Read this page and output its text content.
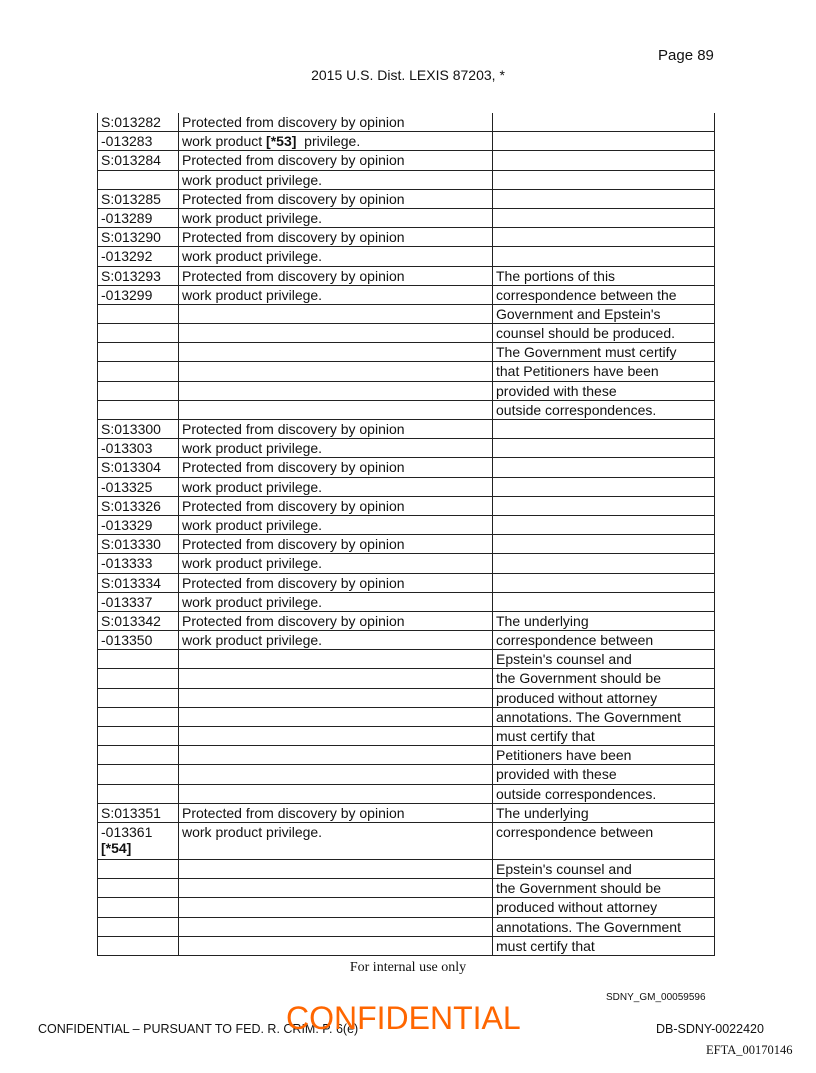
Page 89
2015 U.S. Dist. LEXIS 87203, *
S:013282	Protected from discovery by opinion	
-013283	work product [*53]  privilege.	
S:013284	Protected from discovery by opinion	
	work product privilege.	
S:013285	Protected from discovery by opinion	
-013289	work product privilege.	
S:013290	Protected from discovery by opinion	
-013292	work product privilege.	
S:013293	Protected from discovery by opinion	The portions of this
-013299	work product privilege.	correspondence between the
		Government and Epstein's
		counsel should be produced.
		The Government must certify
		that Petitioners have been
		provided with these
		outside correspondences.
S:013300	Protected from discovery by opinion	
-013303	work product privilege.	
S:013304	Protected from discovery by opinion	
-013325	work product privilege.	
S:013326	Protected from discovery by opinion	
-013329	work product privilege.	
S:013330	Protected from discovery by opinion	
-013333	work product privilege.	
S:013334	Protected from discovery by opinion	
-013337	work product privilege.	
S:013342	Protected from discovery by opinion	The underlying
-013350	work product privilege.	correspondence between
		Epstein's counsel and
		the Government should be
		produced without attorney
		annotations. The Government
		must certify that
		Petitioners have been
		provided with these
		outside correspondences.
S:013351	Protected from discovery by opinion	The underlying
-013361
[*54]	work product privilege.	correspondence between
		Epstein's counsel and
		the Government should be
		produced without attorney
		annotations. The Government
		must certify that
For internal use only
SDNY_GM_00059596
CONFIDENTIAL – PURSUANT TO FED. R. CRIM. P. 6(e)
CONFIDENTIAL	DB-SDNY-0022420
EFTA_00170146
